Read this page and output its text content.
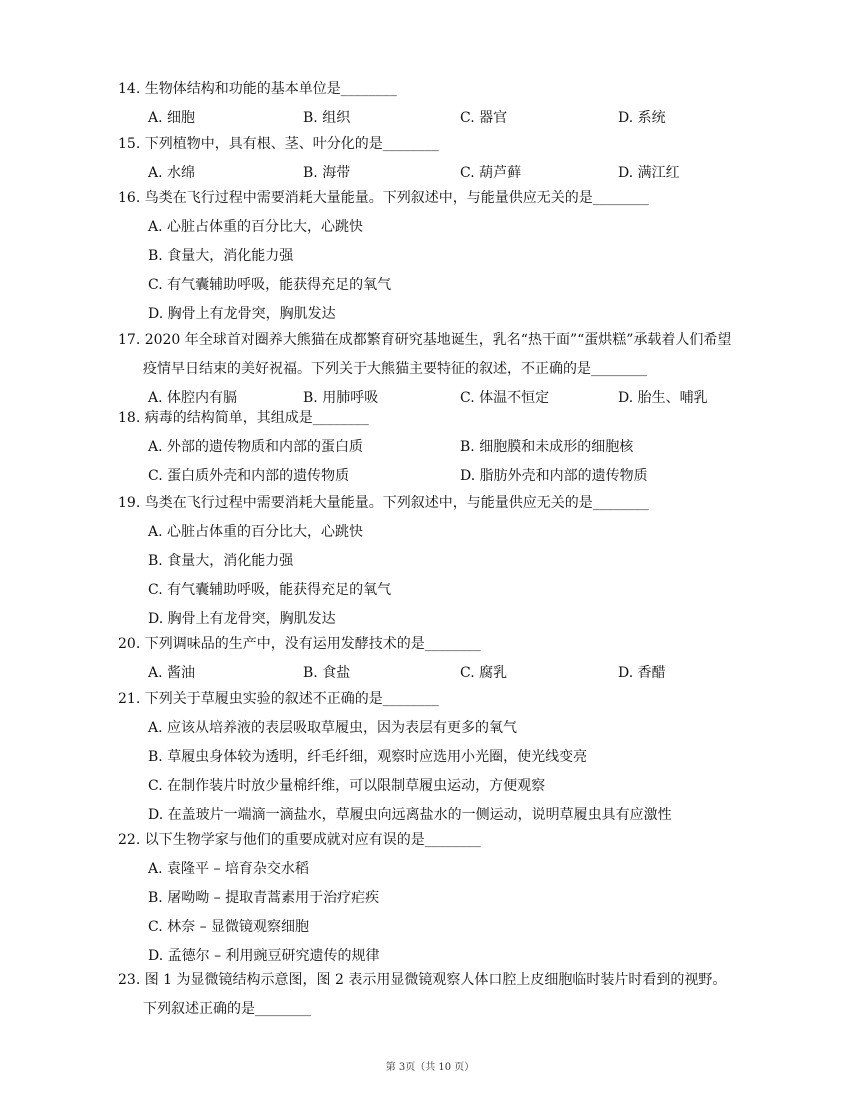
14. 生物体结构和功能的基本单位是________
A. 细胞	B. 组织	C. 器官	D. 系统
15. 下列植物中，具有根、茎、叶分化的是________
A. 水绵	B. 海带	C. 葫芦藓	D. 满江红
16. 鸟类在飞行过程中需要消耗大量能量。下列叙述中，与能量供应无关的是________
A. 心脏占体重的百分比大，心跳快
B. 食量大，消化能力强
C. 有气囊辅助呼吸，能获得充足的氧气
D. 胸骨上有龙骨突，胸肌发达
17. 2020 年全球首对圈养大熊猫在成都繁育研究基地诞生，乳名“热干面”“蛋烘糕”承载着人们希望
疫情早日结束的美好祝福。下列关于大熊猫主要特征的叙述，不正确的是________
A. 体腔内有膈	B. 用肺呼吸	C. 体温不恒定	D. 胎生、哺乳
18. 病毒的结构简单，其组成是________
A. 外部的遗传物质和内部的蛋白质	B. 细胞膜和未成形的细胞核
C. 蛋白质外壳和内部的遗传物质	D. 脂肪外壳和内部的遗传物质
19. 鸟类在飞行过程中需要消耗大量能量。下列叙述中，与能量供应无关的是________
A. 心脏占体重的百分比大，心跳快
B. 食量大，消化能力强
C. 有气囊辅助呼吸，能获得充足的氧气
D. 胸骨上有龙骨突，胸肌发达
20. 下列调味品的生产中，没有运用发酵技术的是________
A. 酱油	B. 食盐	C. 腐乳	D. 香醋
21. 下列关于草履虫实验的叙述不正确的是________
A. 应该从培养液的表层吸取草履虫，因为表层有更多的氧气
B. 草履虫身体较为透明，纤毛纤细，观察时应选用小光圈，使光线变亮
C. 在制作装片时放少量棉纤维，可以限制草履虫运动，方便观察
D. 在盖玻片一端滴一滴盐水，草履虫向远离盐水的一侧运动，说明草履虫具有应激性
22. 以下生物学家与他们的重要成就对应有误的是________
A. 袁隆平 – 培育杂交水稻
B. 屠呦呦 – 提取青蒿素用于治疗疟疾
C. 林奈 – 显微镜观察细胞
D. 孟德尔 – 利用豌豆研究遗传的规律
23. 图 1 为显微镜结构示意图，图 2 表示用显微镜观察人体口腔上皮细胞临时装片时看到的视野。
下列叙述正确的是________
第 3页（共 10 页）
